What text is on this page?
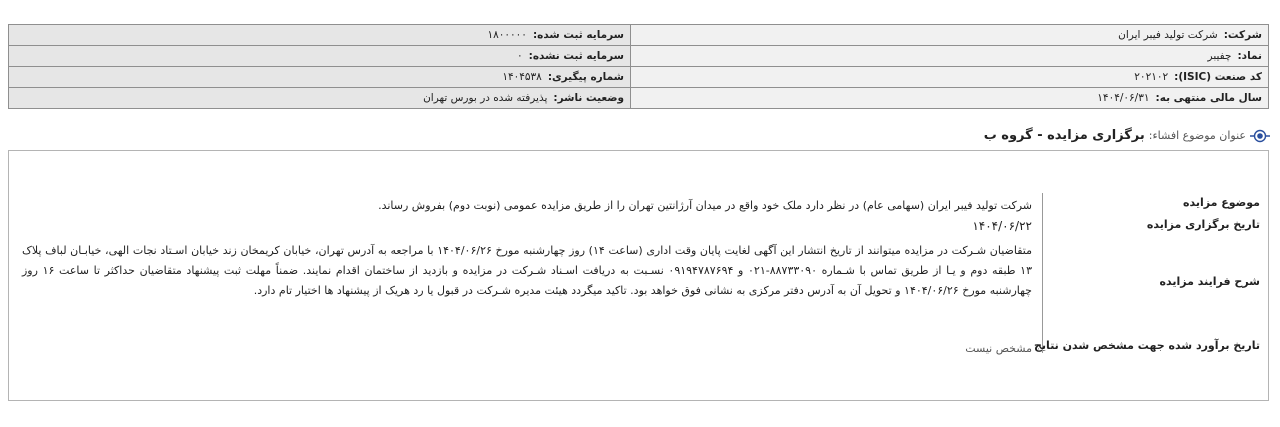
شرکت:شرکت تولید فیبر ایران	سرمایه ثبت شده:۱۸۰۰۰۰۰
نماد:چفیبر	سرمایه ثبت نشده:۰
کد صنعت (ISIC):۲۰۲۱۰۲	شماره پیگیری:۱۴۰۴۵۳۸
سال مالی منتهی به:۱۴۰۴/۰۶/۳۱	وضعیت ناشر:پذیرفته شده در بورس تهران
عنوان موضوع افشاء:
برگزاری مزایده - گروه ب
موضوع مزایده
شرکت تولید فیبر ایران (سهامی عام) در نظر دارد ملک خود واقع در میدان آرژانتین تهران را از طریق مزایده عمومی (نوبت دوم) بفروش رساند.
تاریخ برگزاری مزایده
۱۴۰۴/۰۶/۲۲
شرح فرایند مزایده
متقاضیان شـرکت در مزایده میتوانند از تاریخ انتشار این آگهی لغایت پایان وقت اداری (ساعت ۱۴) روز چهارشنبه مورخ ۱۴۰۴/۰۶/۲۶ با مراجعه به آدرس تهران، خیابان کریمخان زند خیابان اسـتاد نجات الهی، خیابـان لباف پلاک ۱۳ طبقه دوم و یـا از طریق تماس با شـماره ۸۸۷۳۳۰۹۰-۰۲۱ و ۰۹۱۹۴۷۸۷۶۹۴ نسـبت به دریافت اسـناد شـرکت در مزایده و بازدید از ساختمان اقدام نمایند. ضمناً مهلت ثبت پیشنهاد متقاضیان حداکثر تا ساعت ۱۶ روز چهارشنبه مورخ ۱۴۰۴/۰۶/۲۶ و تحویل آن به آدرس دفتر مرکزی به نشانی فوق خواهد بود. تاکید میگردد هیئت مدیره شـرکت در قبول یا رد هریک از پیشنهاد ها اختیار تام دارد.
تاریخ برآورد شده جهت مشخص شدن نتایج
مشخص نیست
